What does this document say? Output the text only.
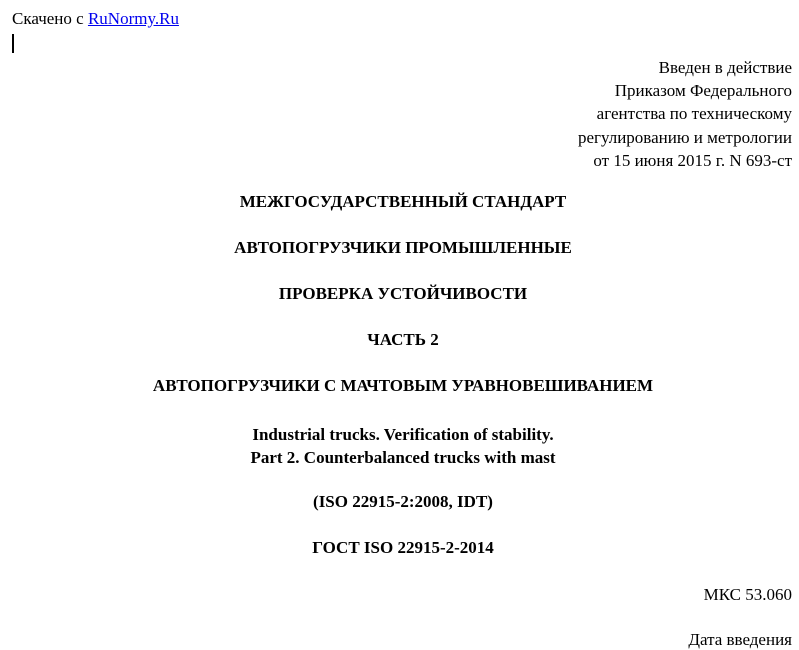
Скачено с RuNormy.Ru
Введен в действие
Приказом Федерального
агентства по техническому
регулированию и метрологии
от 15 июня 2015 г. N 693-ст
МЕЖГОСУДАРСТВЕННЫЙ СТАНДАРТ
АВТОПОГРУЗЧИКИ ПРОМЫШЛЕННЫЕ
ПРОВЕРКА УСТОЙЧИВОСТИ
ЧАСТЬ 2
АВТОПОГРУЗЧИКИ С МАЧТОВЫМ УРАВНОВЕШИВАНИЕМ
Industrial trucks. Verification of stability.
Part 2. Counterbalanced trucks with mast
(ISO 22915-2:2008, IDT)
ГОСТ ISO 22915-2-2014
МКС 53.060
Дата введения
